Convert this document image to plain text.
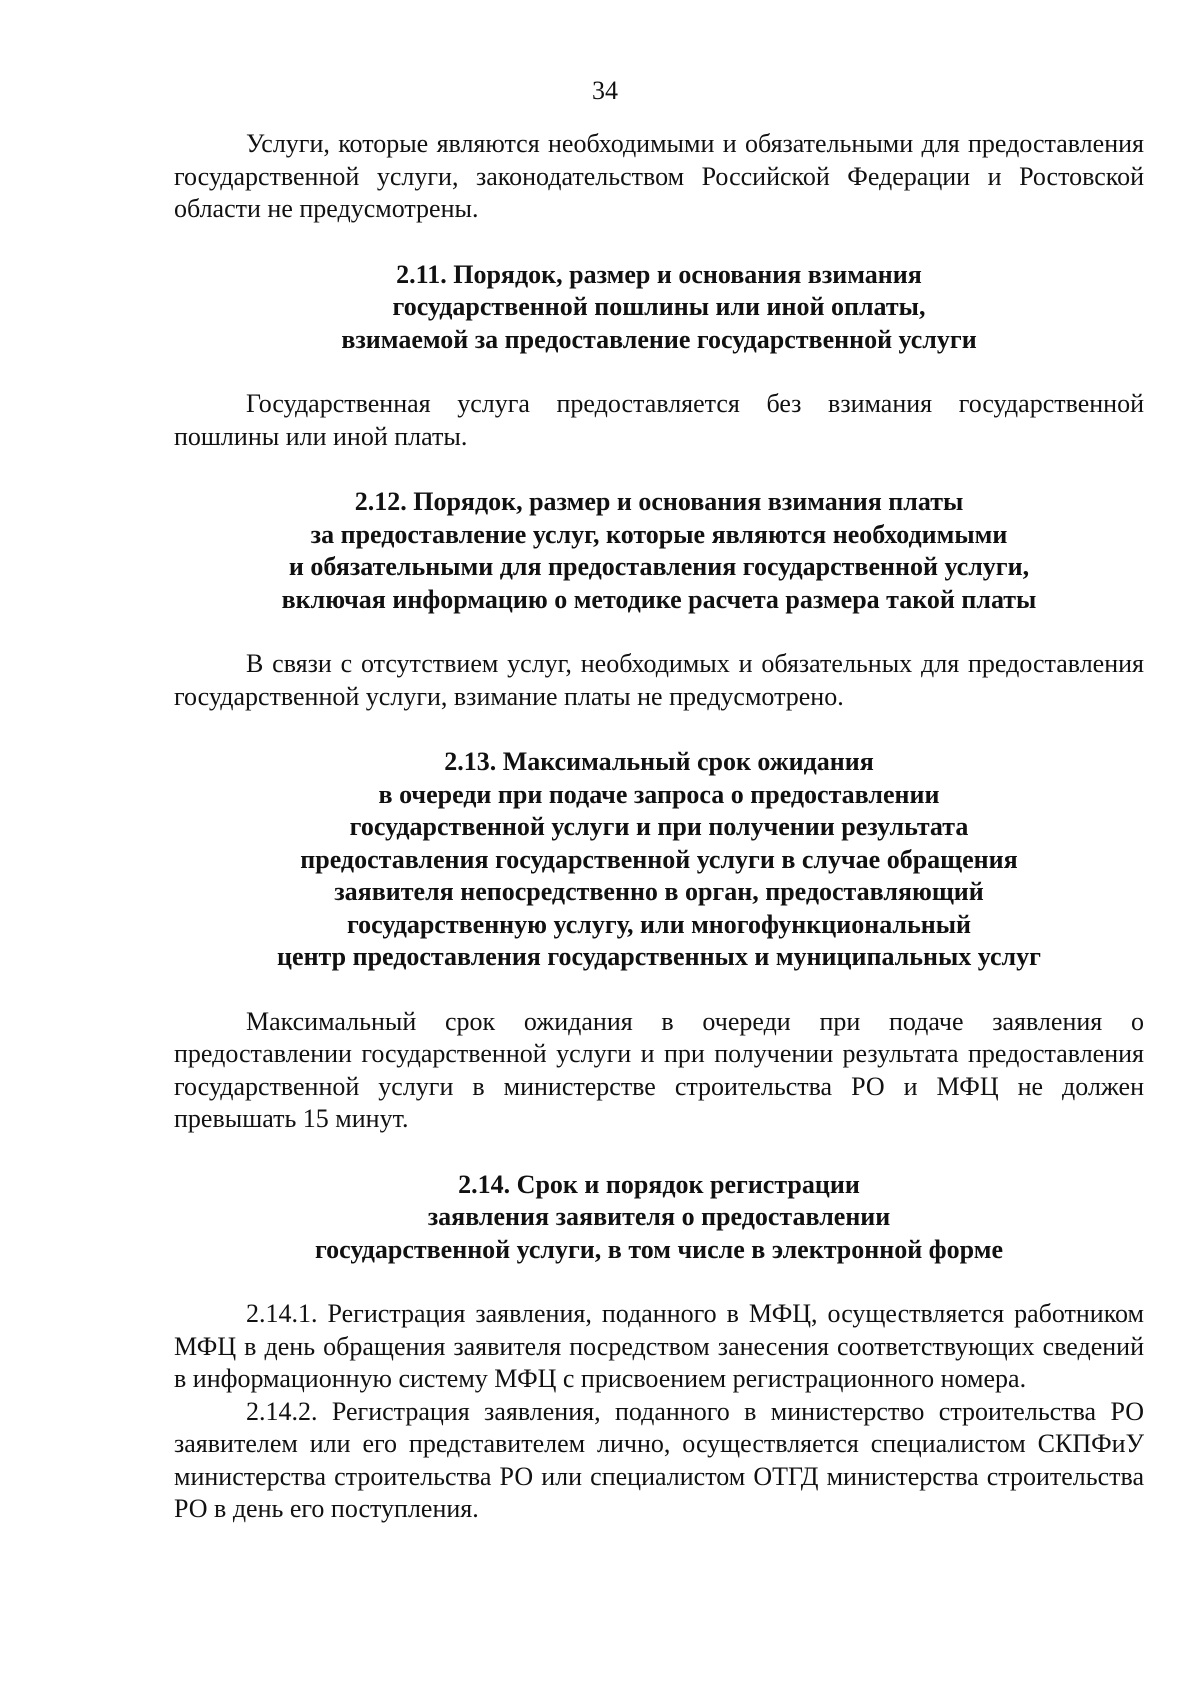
34

Услуги, которые являются необходимыми и обязательными для предоставления государственной услуги, законодательством Российской Федерации и Ростовской области не предусмотрены.

2.11. Порядок, размер и основания взимания
государственной пошлины или иной оплаты,
взимаемой за предоставление государственной услуги

Государственная услуга предоставляется без взимания государственной пошлины или иной платы.

2.12. Порядок, размер и основания взимания платы
за предоставление услуг, которые являются необходимыми
и обязательными для предоставления государственной услуги,
включая информацию о методике расчета размера такой платы

В связи с отсутствием услуг, необходимых и обязательных для предоставления государственной услуги, взимание платы не предусмотрено.

2.13. Максимальный срок ожидания
в очереди при подаче запроса о предоставлении
государственной услуги и при получении результата
предоставления государственной услуги в случае обращения
заявителя непосредственно в орган, предоставляющий
государственную услугу, или многофункциональный
центр предоставления государственных и муниципальных услуг

Максимальный срок ожидания в очереди при подаче заявления о предоставлении государственной услуги и при получении результата предоставления государственной услуги в министерстве строительства РО и МФЦ не должен превышать 15 минут.

2.14. Срок и порядок регистрации
заявления заявителя о предоставлении
государственной услуги, в том числе в электронной форме

2.14.1. Регистрация заявления, поданного в МФЦ, осуществляется работником МФЦ в день обращения заявителя посредством занесения соответствующих сведений в информационную систему МФЦ с присвоением регистрационного номера.

2.14.2. Регистрация заявления, поданного в министерство строительства РО заявителем или его представителем лично, осуществляется специалистом СКПФиУ министерства строительства РО или специалистом ОТГД министерства строительства РО в день его поступления.
